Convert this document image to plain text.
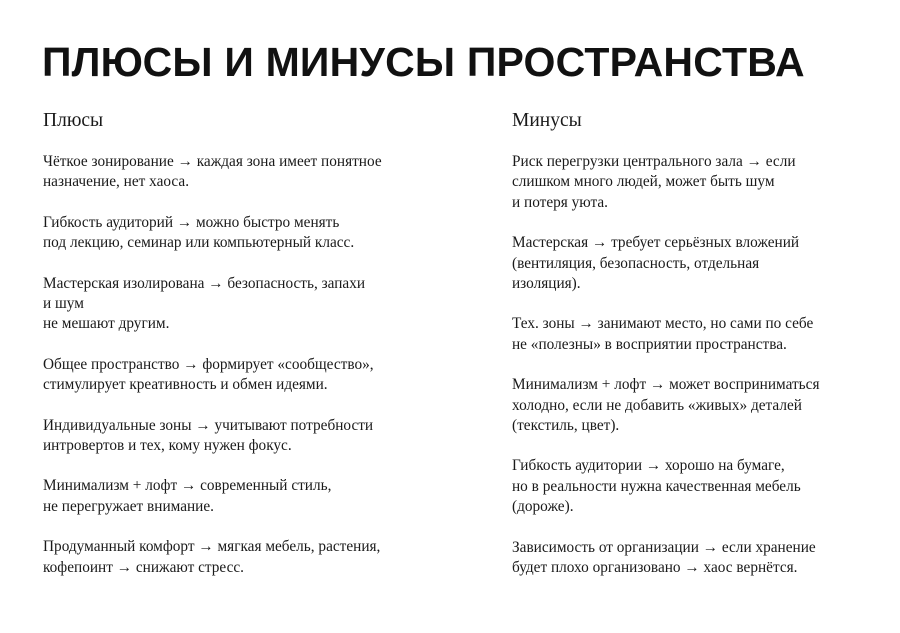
ПЛЮСЫ И МИНУСЫ ПРОСТРАНСТВА
Плюсы
Чёткое зонирование → каждая зона имеет понятное
назначение, нет хаоса.
Гибкость аудиторий → можно быстро менять
под лекцию, семинар или компьютерный класс.
Мастерская изолирована → безопасность, запахи
и шум
не мешают другим.
Общее пространство → формирует «сообщество»,
стимулирует креативность и обмен идеями.
Индивидуальные зоны → учитывают потребности
интровертов и тех, кому нужен фокус.
Минимализм + лофт → современный стиль,
не перегружает внимание.
Продуманный комфорт → мягкая мебель, растения,
кофепоинт → снижают стресс.
Минусы
Риск перегрузки центрального зала → если
слишком много людей, может быть шум
и потеря уюта.
Мастерская → требует серьёзных вложений
(вентиляция, безопасность, отдельная
изоляция).
Тех. зоны → занимают место, но сами по себе
не «полезны» в восприятии пространства.
Минимализм + лофт → может восприниматься
холодно, если не добавить «живых» деталей
(текстиль, цвет).
Гибкость аудитории → хорошо на бумаге,
но в реальности нужна качественная мебель
(дороже).
Зависимость от организации → если хранение
будет плохо организовано → хаос вернётся.
